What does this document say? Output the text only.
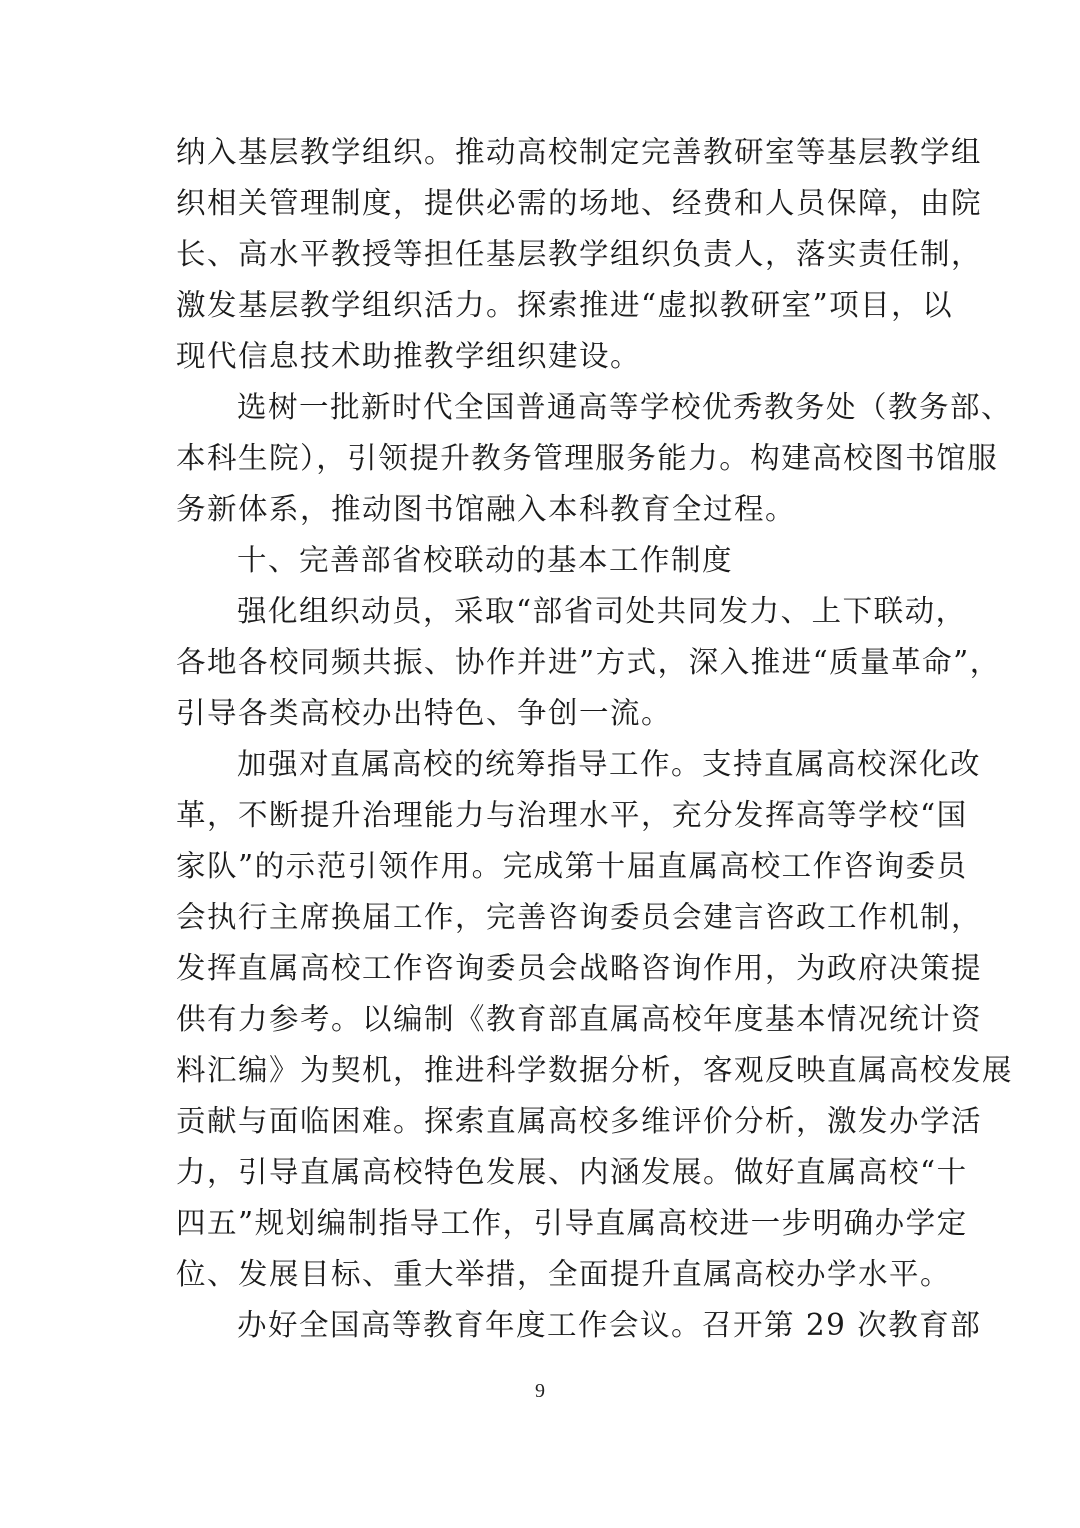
纳入基层教学组织。推动高校制定完善教研室等基层教学组
织相关管理制度，提供必需的场地、经费和人员保障，由院
长、高水平教授等担任基层教学组织负责人，落实责任制，
激发基层教学组织活力。探索推进“虚拟教研室”项目，以
现代信息技术助推教学组织建设。
选树一批新时代全国普通高等学校优秀教务处（教务部、
本科生院），引领提升教务管理服务能力。构建高校图书馆服
务新体系，推动图书馆融入本科教育全过程。
十、完善部省校联动的基本工作制度
强化组织动员，采取“部省司处共同发力、上下联动，
各地各校同频共振、协作并进”方式，深入推进“质量革命”，
引导各类高校办出特色、争创一流。
加强对直属高校的统筹指导工作。支持直属高校深化改
革，不断提升治理能力与治理水平，充分发挥高等学校“国
家队”的示范引领作用。完成第十届直属高校工作咨询委员
会执行主席换届工作，完善咨询委员会建言咨政工作机制，
发挥直属高校工作咨询委员会战略咨询作用，为政府决策提
供有力参考。以编制《教育部直属高校年度基本情况统计资
料汇编》为契机，推进科学数据分析，客观反映直属高校发展
贡献与面临困难。探索直属高校多维评价分析，激发办学活
力，引导直属高校特色发展、内涵发展。做好直属高校“十
四五”规划编制指导工作，引导直属高校进一步明确办学定
位、发展目标、重大举措，全面提升直属高校办学水平。
办好全国高等教育年度工作会议。召开第 29 次教育部
9
